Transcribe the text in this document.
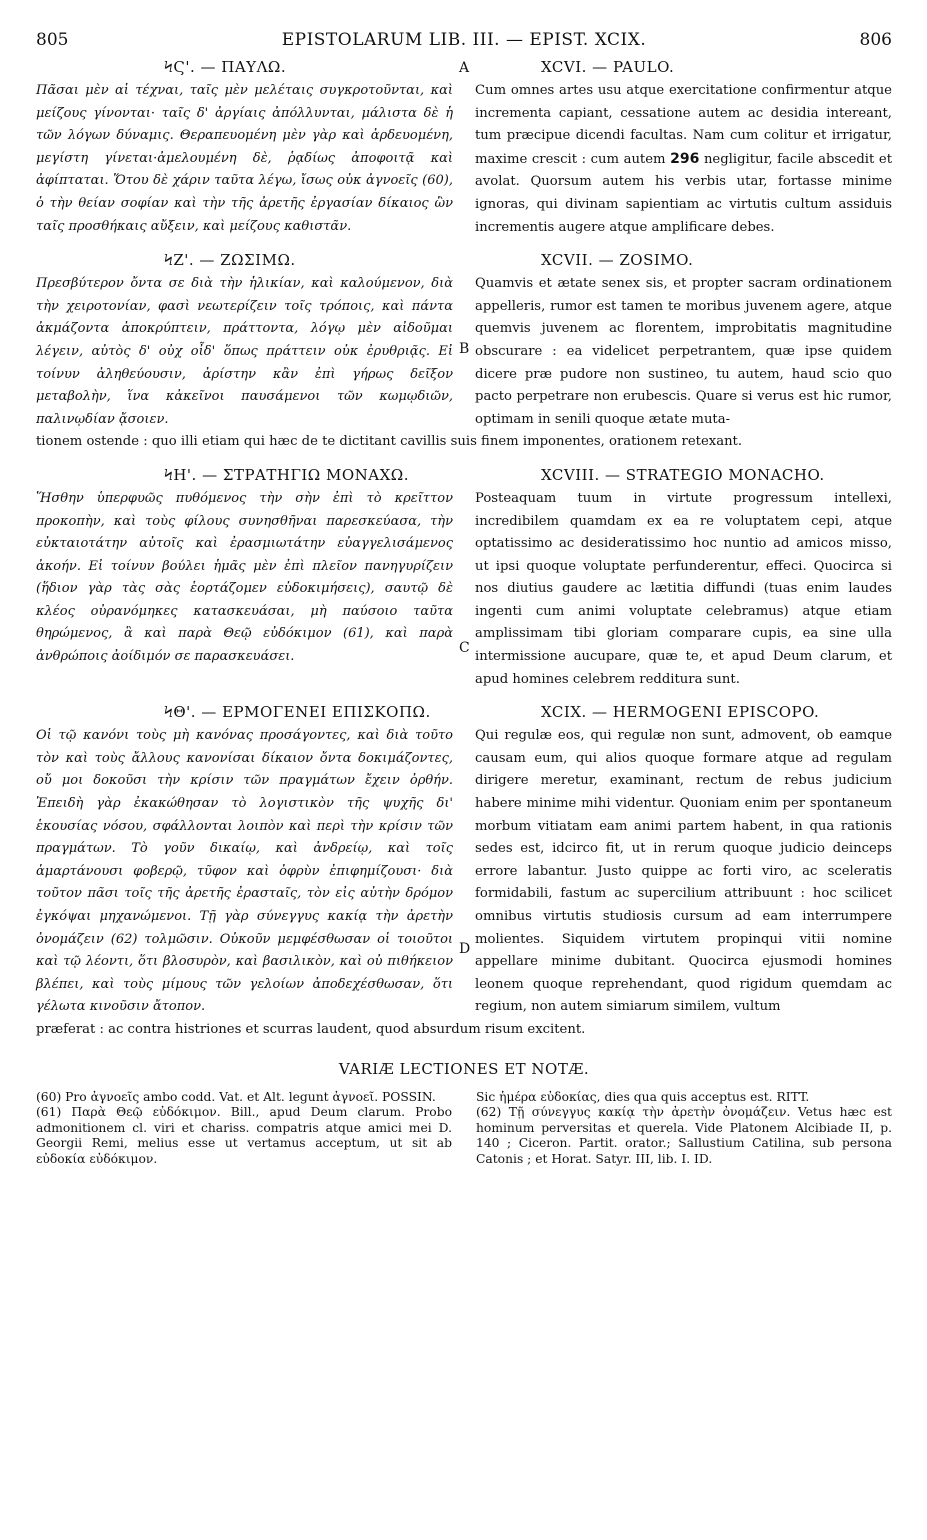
805	EPISTOLARUM LIB. III. — EPIST. XCIX.	806
ϞϚ'. — ΠΑΥΛΩ.
Πᾶσαι μὲν αἱ τέχναι, ταῖς μὲν μελέταις συγκροτοῦνται, καὶ μείζους γίνονται· ταῖς δ' ἀργίαις ἀπόλλυνται, μάλιστα δὲ ἡ τῶν λόγων δύναμις. Θεραπευομένη μὲν γὰρ καὶ ἀρδευομένη, μεγίστη γίνεται·ἀμελουμένη δὲ, ῥᾳδίως ἀποφοιτᾷ καὶ ἀφίπταται. Ὅτου δὲ χάριν ταῦτα λέγω, ἴσως οὐκ ἀγνοεῖς (60), ὁ τὴν θείαν σοφίαν καὶ τὴν τῆς ἀρετῆς ἐργασίαν δίκαιος ὢν ταῖς προσθήκαις αὔξειν, καὶ μείζους καθιστᾶν.
A	XCVI. — PAULO.
Cum omnes artes usu atque exercitatione confirmentur atque incrementa capiant, cessatione autem ac desidia intereant, tum præcipue dicendi facultas. Nam cum colitur et irrigatur, maxime crescit : cum autem 296 negligitur, facile abscedit et avolat. Quorsum autem his verbis utar, fortasse minime ignoras, qui divinam sapientiam ac virtutis cultum assiduis incrementis augere atque amplificare debes.
ϞΖ'. — ΖΩΣΙΜΩ.
Πρεσβύτερον ὄντα σε διὰ τὴν ἡλικίαν, καὶ καλούμενον, διὰ τὴν χειροτονίαν, φασὶ νεωτερίζειν τοῖς τρόποις, καὶ πάντα ἀκμάζοντα ἀποκρύπτειν, πράττοντα, λόγῳ μὲν αἰδοῦμαι λέγειν, αὐτὸς δ' οὐχ οἶδ' ὅπως πράττειν οὐκ ἐρυθριᾷς. Εἰ τοίνυν ἀληθεύουσιν, ἀρίστην κἂν ἐπὶ γήρως δεῖξον μεταβολὴν, ἵνα κἀκεῖνοι παυσάμενοι τῶν κωμῳδιῶν, παλινῳδίαν ᾄσοιεν.
B
XCVII. — ZOSIMO.
Quamvis et ætate senex sis, et propter sacram ordinationem appelleris, rumor est tamen te moribus juvenem agere, atque quemvis juvenem ac florentem, improbitatis magnitudine obscurare : ea videlicet perpetrantem, quæ ipse quidem dicere præ pudore non sustineo, tu autem, haud scio quo pacto perpetrare non erubescis. Quare si verus est hic rumor, optimam in senili quoque ætate muta-
tionem ostende : quo illi etiam qui hæc de te dictitant cavillis suis finem imponentes, orationem retexant.
ϞΗ'. — ΣΤΡΑΤΗΓΙΩ ΜΟΝΑΧΩ.
Ἥσθην ὑπερφυῶς πυθόμενος τὴν σὴν ἐπὶ τὸ κρεῖττον προκοπὴν, καὶ τοὺς φίλους συνησθῆναι παρεσκεύασα, τὴν εὐκταιοτάτην αὐτοῖς καὶ ἐρασμιωτάτην εὐαγγελισάμενος ἀκοήν. Εἰ τοίνυν βούλει ἡμᾶς μὲν ἐπὶ πλεῖον πανηγυρίζειν (ἥδιον γὰρ τὰς σὰς ἑορτάζομεν εὐδοκιμήσεις), σαυτῷ δὲ κλέος οὐρανόμηκες κατασκευάσαι, μὴ παύσοιο ταῦτα θηρώμενος, ἃ καὶ παρὰ Θεῷ εὐδόκιμον (61), καὶ παρὰ ἀνθρώποις ἀοίδιμόν σε παρασκευάσει.
C
XCVIII. — STRATEGIO MONACHO.
Posteaquam tuum in virtute progressum intellexi, incredibilem quamdam ex ea re voluptatem cepi, atque optatissimo ac desideratissimo hoc nuntio ad amicos misso, ut ipsi quoque voluptate perfunderentur, effeci. Quocirca si nos diutius gaudere ac lætitia diffundi (tuas enim laudes ingenti cum animi voluptate celebramus) atque etiam amplissimam tibi gloriam comparare cupis, ea sine ulla intermissione aucupare, quæ te, et apud Deum clarum, et apud homines celebrem redditura sunt.
ϞΘ'. — ΕΡΜΟΓΕΝΕΙ ΕΠΙΣΚΟΠΩ.
Οἱ τῷ κανόνι τοὺς μὴ κανόνας προσάγοντες, καὶ διὰ τοῦτο τὸν καὶ τοὺς ἄλλους κανονίσαι δίκαιον ὄντα δοκιμάζοντες, οὔ μοι δοκοῦσι τὴν κρίσιν τῶν πραγμάτων ἔχειν ὀρθήν. Ἐπειδὴ γὰρ ἐκακώθησαν τὸ λογιστικὸν τῆς ψυχῆς δι' ἑκουσίας νόσου, σφάλλονται λοιπὸν καὶ περὶ τὴν κρίσιν τῶν πραγμάτων. Τὸ γοῦν δικαίῳ, καὶ ἀνδρείῳ, καὶ τοῖς ἁμαρτάνουσι φοβερῷ, τῦφον καὶ ὀφρὺν ἐπιφημίζουσι· διὰ τοῦτον πᾶσι τοῖς τῆς ἀρετῆς ἐρασταῖς, τὸν εἰς αὐτὴν δρόμον ἐγκόψαι μηχανώμενοι. Τῇ γὰρ σύνεγγυς κακίᾳ τὴν ἀρετὴν ὀνομάζειν (62) τολμῶσιν. Οὐκοῦν μεμφέσθωσαν οἱ τοιοῦτοι καὶ τῷ λέοντι, ὅτι βλοσυρὸν, καὶ βασιλικὸν, καὶ οὐ πιθήκειον βλέπει, καὶ τοὺς μίμους τῶν γελοίων ἀποδεχέσθωσαν, ὅτι γέλωτα κινοῦσιν ἄτοπον.
D
XCIX. — HERMOGENI EPISCOPO.
Qui regulæ eos, qui regulæ non sunt, admovent, ob eamque causam eum, qui alios quoque formare atque ad regulam dirigere meretur, examinant, rectum de rebus judicium habere minime mihi videntur. Quoniam enim per spontaneum morbum vitiatam eam animi partem habent, in qua rationis sedes est, idcirco fit, ut in rerum quoque judicio deinceps errore labantur. Justo quippe ac forti viro, ac sceleratis formidabili, fastum ac supercilium attribuunt : hoc scilicet omnibus virtutis studiosis cursum ad eam interrumpere molientes. Siquidem virtutem propinqui vitii nomine appellare minime dubitant. Quocirca ejusmodi homines leonem quoque reprehendant, quod rigidum quemdam ac regium, non autem simiarum similem, vultum
præferat : ac contra histriones et scurras laudent, quod absurdum risum excitent.
VARIÆ LECTIONES ET NOTÆ.

(60) Pro ἀγνοεῖς ambo codd. Vat. et Alt. legunt ἀγνοεῖ. POSSIN.

(61) Παρὰ Θεῷ εὐδόκιμον. Bill., apud Deum clarum. Probo admonitionem cl. viri et chariss. compatris atque amici mei D. Georgii Remi, melius esse ut vertamus acceptum, ut sit ab εὐδοκία εὐδόκιμον.

Sic ἡμέρα εὐδοκίας, dies qua quis acceptus est. RITT.

(62) Τῇ σύνεγγυς κακίᾳ τὴν ἀρετὴν ὀνομάζειν. Vetus hæc est hominum perversitas et querela. Vide Platonem Alcibiade II, p. 140 ; Ciceron. Partit. orator.; Sallustium Catilina, sub persona Catonis ; et Horat. Satyr. III, lib. I. ID.
